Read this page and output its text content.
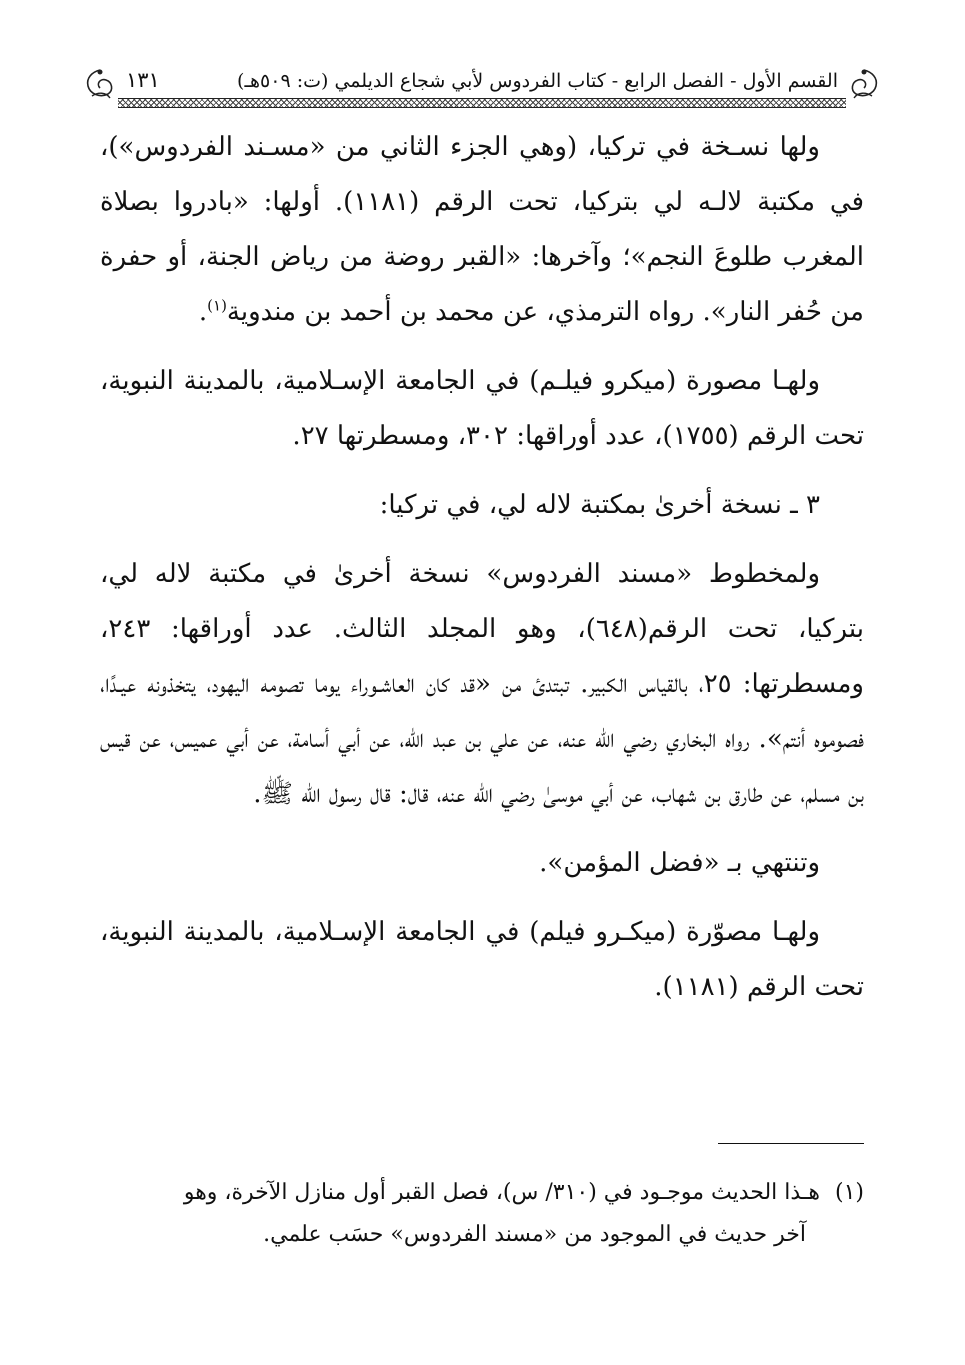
القسم الأول - الفصل الرابع - كتاب الفردوس لأبي شجاع الديلمي (ت: ٥٠٩هـ)
١٣١

ولها نسـخة في تركيا، (وهي الجزء الثاني من «مسـند الفردوس»)، في مكتبة لالـه لي بتركيا، تحت الرقم (١١٨١). أولها: «بادروا بصلاة المغرب طلوعَ النجم»؛ وآخرها: «القبر روضة من رياض الجنة، أو حفرة من حُفر النار». رواه الترمذي، عن محمد بن أحمد بن مندوية$^{(١)}$.

ولهـا مصورة (ميكرو فيلـم) في الجامعة الإسـلامية، بالمدينة النبوية، تحت الرقم (١٧٥٥)، عدد أوراقها: ٣٠٢، ومسطرتها ٢٧.

٣ ـ نسخة أخرىٰ بمكتبة لاله لي، في تركيا:

ولمخطوط «مسند الفردوس» نسخة أخرىٰ في مكتبة لاله لي، بتركيا، تحت الرقم(٦٤٨)، وهو المجلد الثالث. عدد أوراقها: ٢٤٣، ومسطرتها: ٢٥، بالقياس الكبير. تبتدئ من «قد كان العاشـوراء يوما تصومه اليهود، يتخذونه عيـدًا، فصوموه أنتم». رواه البخاري رضي الله عنه، عن علي بن عبد الله، عن أبي أسامة، عن أبي عميس، عن قيس بن مسلم، عن طارق بن شهاب، عن أبي موسىٰ رضي الله عنه، قال: قال رسول الله ﷺ.

وتنتهي بـ «فضل المؤمن».

ولهـا مصوّرة (ميكـرو فيلم) في الجامعة الإسـلامية، بالمدينة النبوية، تحت الرقم (١١٨١).

(١)هـذا الحديث موجـود في (٣١٠/ س)، فصل القبر أول منازل الآخرة، وهو
آخر حديث في الموجود من «مسند الفردوس» حسَب علمي.
